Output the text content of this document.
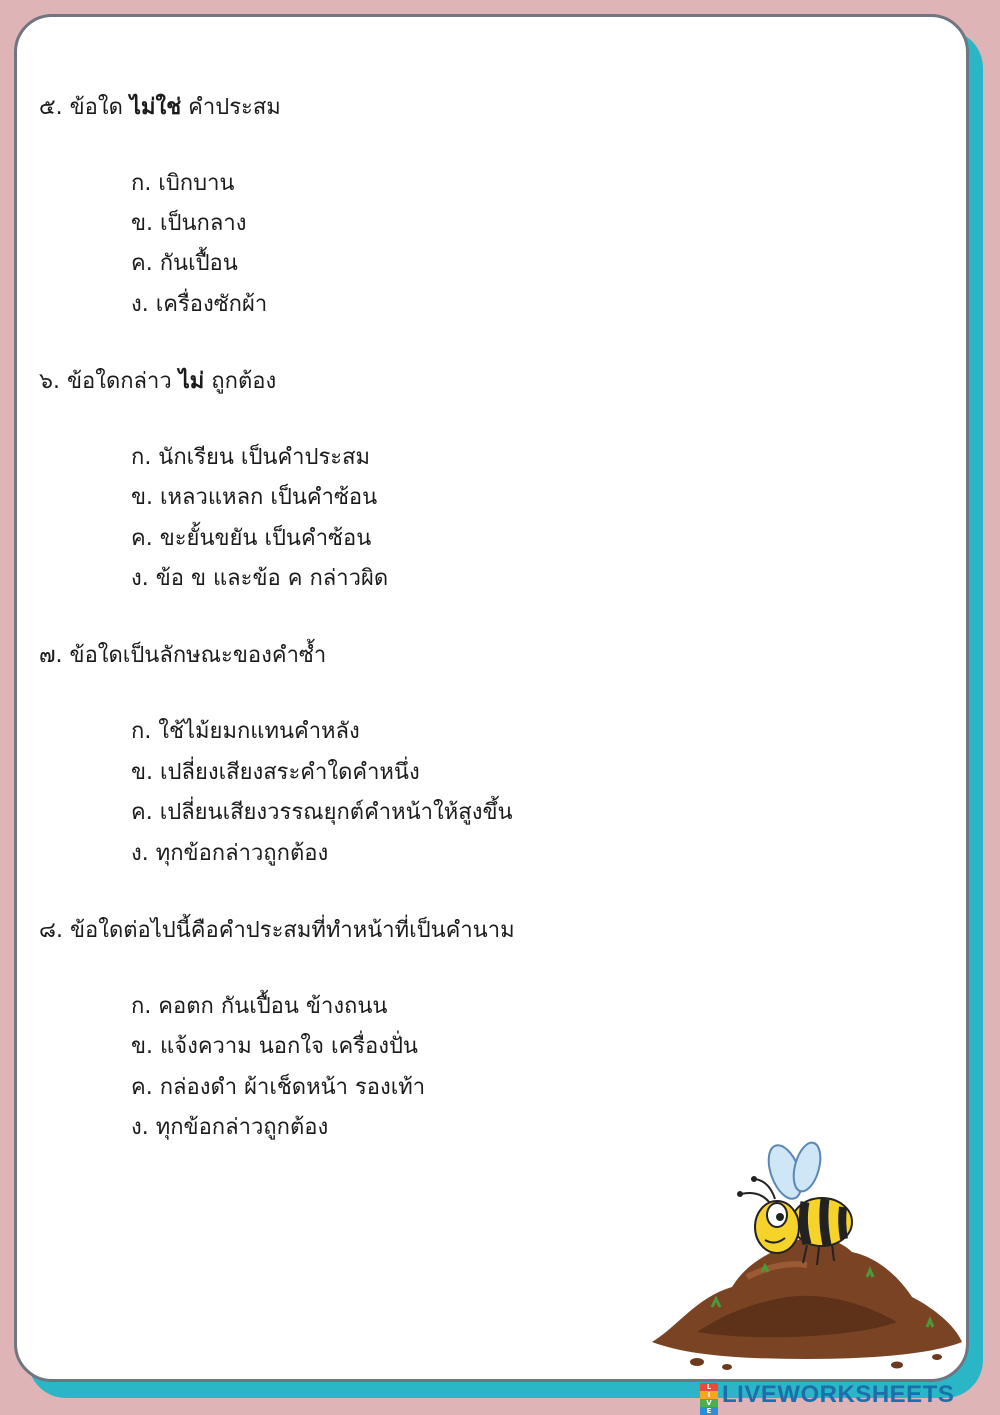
๕. ข้อใด ไม่ใช่ คำประสม
ก. เบิกบาน
ข. เป็นกลาง
ค. กันเปื้อน
ง. เครื่องซักผ้า
๖. ข้อใดกล่าว ไม่ ถูกต้อง
ก. นักเรียน เป็นคำประสม
ข. เหลวแหลก เป็นคำซ้อน
ค. ขะยั้นขยัน เป็นคำซ้อน
ง. ข้อ ข และข้อ ค กล่าวผิด
๗. ข้อใดเป็นลักษณะของคำซ้ำ
ก. ใช้ไม้ยมกแทนคำหลัง
ข. เปลี่ยงเสียงสระคำใดคำหนึ่ง
ค. เปลี่ยนเสียงวรรณยุกต์คำหน้าให้สูงขึ้น
ง. ทุกข้อกล่าวถูกต้อง
๘. ข้อใดต่อไปนี้คือคำประสมที่ทำหน้าที่เป็นคำนาม
ก. คอตก กันเปื้อน ข้างถนน
ข. แจ้งความ นอกใจ เครื่องปั่น
ค. กล่องดำ ผ้าเช็ดหน้า รองเท้า
ง. ทุกข้อกล่าวถูกต้อง
L
I
V
E
LIVEWORKSHEETS
